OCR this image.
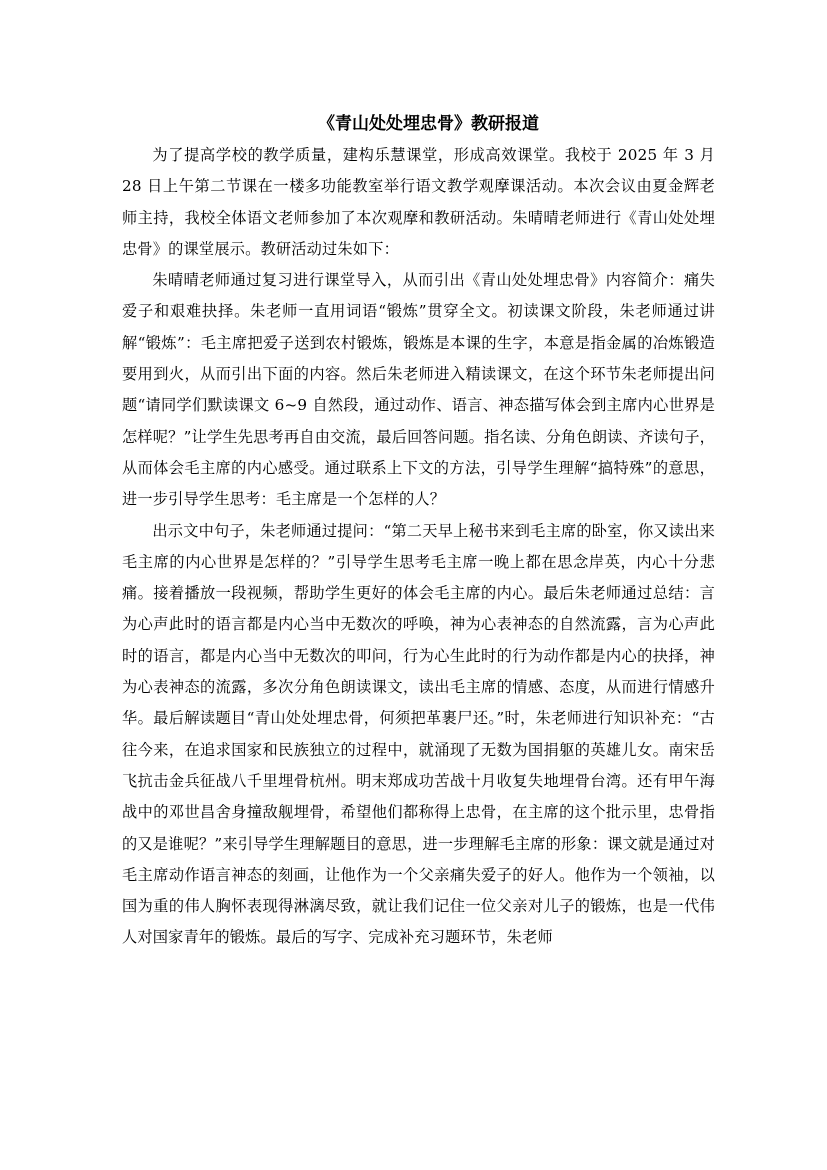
《青山处处埋忠骨》教研报道

为了提高学校的教学质量，建构乐慧课堂，形成高效课堂。我校于 2025 年 3 月 28 日上午第二节课在一楼多功能教室举行语文教学观摩课活动。本次会议由夏金辉老师主持，我校全体语文老师参加了本次观摩和教研活动。朱晴晴老师进行《青山处处埋忠骨》的课堂展示。教研活动过朱如下：

朱晴晴老师通过复习进行课堂导入，从而引出《青山处处埋忠骨》内容简介：痛失爱子和艰难抉择。朱老师一直用词语“锻炼”贯穿全文。初读课文阶段，朱老师通过讲解“锻炼”：毛主席把爱子送到农村锻炼，锻炼是本课的生字，本意是指金属的冶炼锻造要用到火，从而引出下面的内容。然后朱老师进入精读课文，在这个环节朱老师提出问题“请同学们默读课文 6~9 自然段，通过动作、语言、神态描写体会到主席内心世界是怎样呢？”让学生先思考再自由交流，最后回答问题。指名读、分角色朗读、齐读句子，从而体会毛主席的内心感受。通过联系上下文的方法，引导学生理解“搞特殊”的意思，进一步引导学生思考：毛主席是一个怎样的人？

出示文中句子，朱老师通过提问：“第二天早上秘书来到毛主席的卧室，你又读出来毛主席的内心世界是怎样的？”引导学生思考毛主席一晚上都在思念岸英，内心十分悲痛。接着播放一段视频，帮助学生更好的体会毛主席的内心。最后朱老师通过总结：言为心声此时的语言都是内心当中无数次的呼唤，神为心表神态的自然流露，言为心声此时的语言，都是内心当中无数次的叩问，行为心生此时的行为动作都是内心的抉择，神为心表神态的流露，多次分角色朗读课文，读出毛主席的情感、态度，从而进行情感升华。最后解读题目“青山处处埋忠骨，何须把革裹尸还。”时，朱老师进行知识补充：“古往今来，在追求国家和民族独立的过程中，就涌现了无数为国捐躯的英雄儿女。南宋岳飞抗击金兵征战八千里埋骨杭州。明末郑成功苦战十月收复失地埋骨台湾。还有甲午海战中的邓世昌舍身撞敌舰埋骨，希望他们都称得上忠骨，在主席的这个批示里，忠骨指的又是谁呢？”来引导学生理解题目的意思，进一步理解毛主席的形象：课文就是通过对毛主席动作语言神态的刻画，让他作为一个父亲痛失爱子的好人。他作为一个领袖，以国为重的伟人胸怀表现得淋漓尽致，就让我们记住一位父亲对儿子的锻炼，也是一代伟人对国家青年的锻炼。最后的写字、完成补充习题环节，朱老师
